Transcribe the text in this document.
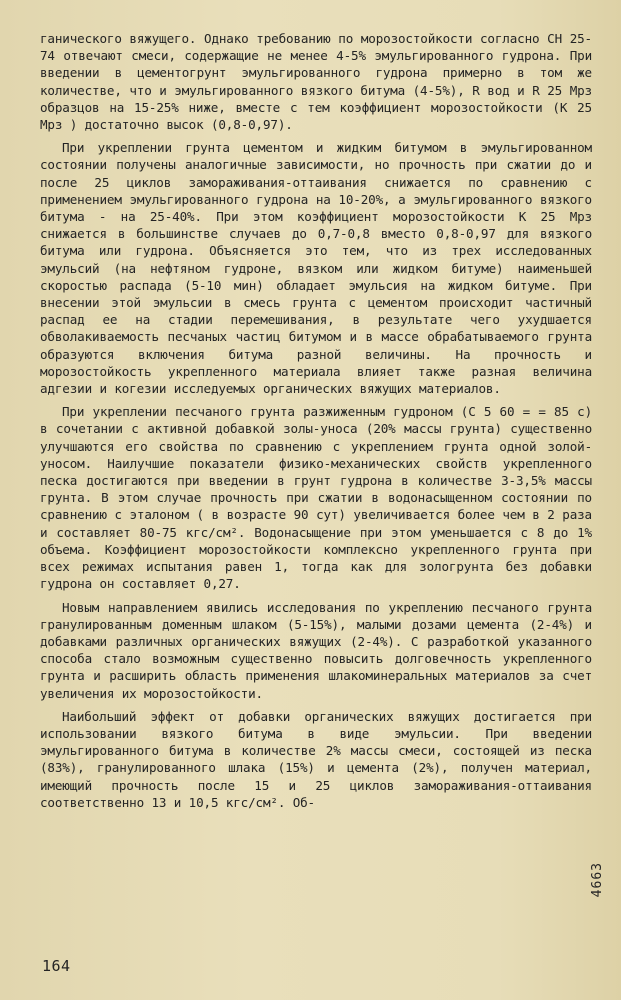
ганического вяжущего. Однако требованию по морозостойкости согласно СН 25-74 отвечают смеси, содержащие не менее 4-5% эмульгированного гудрона. При введении в цементогрунт эмульгированного гудрона примерно в том же количестве, что и эмульгированного вязкого битума (4-5%), R вод и R 25 Мрз образцов на 15-25% ниже, вместе с тем коэффициент морозостойкости (K 25 Мрз ) достаточно высок (0,8-0,97).

При укреплении грунта цементом и жидким битумом в эмульгированном состоянии получены аналогичные зависимости, но прочность при сжатии до и после 25 циклов замораживания-оттаивания снижается по сравнению с применением эмульгированного гудрона на 10-20%, а эмульгированного вязкого битума - на 25-40%. При этом коэффициент морозостойкости K 25 Мрз снижается в большинстве случаев до 0,7-0,8 вместо 0,8-0,97 для вязкого битума или гудрона. Объясняется это тем, что из трех исследованных эмульсий (на нефтяном гудроне, вязком или жидком битуме) наименьшей скоростью распада (5-10 мин) обладает эмульсия на жидком битуме. При внесении этой эмульсии в смесь грунта с цементом происходит частичный распад ее на стадии перемешивания, в результате чего ухудшается обволакиваемость песчаных частиц битумом и в массе обрабатываемого грунта образуются включения битума разной величины. На прочность и морозостойкость укрепленного материала влияет также разная величина адгезии и когезии исследуемых органических вяжущих материалов.

При укреплении песчаного грунта разжиженным гудроном (C 5 60 = = 85 с) в сочетании с активной добавкой золы-уноса (20% массы грунта) существенно улучшаются его свойства по сравнению с укреплением грунта одной золой-уносом. Наилучшие показатели физико-механических свойств укрепленного песка достигаются при введении в грунт гудрона в количестве 3-3,5% массы грунта. В этом случае прочность при сжатии в водонасыщенном состоянии по сравнению с эталоном ( в возрасте 90 сут) увеличивается более чем в 2 раза и составляет 80-75 кгс/см². Водонасыщение при этом уменьшается с 8 до 1% объема. Коэффициент морозостойкости комплексно укрепленного грунта при всех режимах испытания равен 1, тогда как для зологрунта без добавки гудрона он составляет 0,27.

Новым направлением явились исследования по укреплению песчаного грунта гранулированным доменным шлаком (5-15%), малыми дозами цемента (2-4%) и добавками различных органических вяжущих (2-4%). С разработкой указанного способа стало возможным существенно повысить долговечность укрепленного грунта и расширить область применения шлакоминеральных материалов за счет увеличения их морозостойкости.

Наибольший эффект от добавки органических вяжущих достигается при использовании вязкого битума в виде эмульсии. При введении эмульгированного битума в количестве 2% массы смеси, состоящей из песка (83%), гранулированного шлака (15%) и цемента (2%), получен материал, имеющий прочность после 15 и 25 циклов замораживания-оттаивания соответственно 13 и 10,5 кгс/см². Об-

164
4663
